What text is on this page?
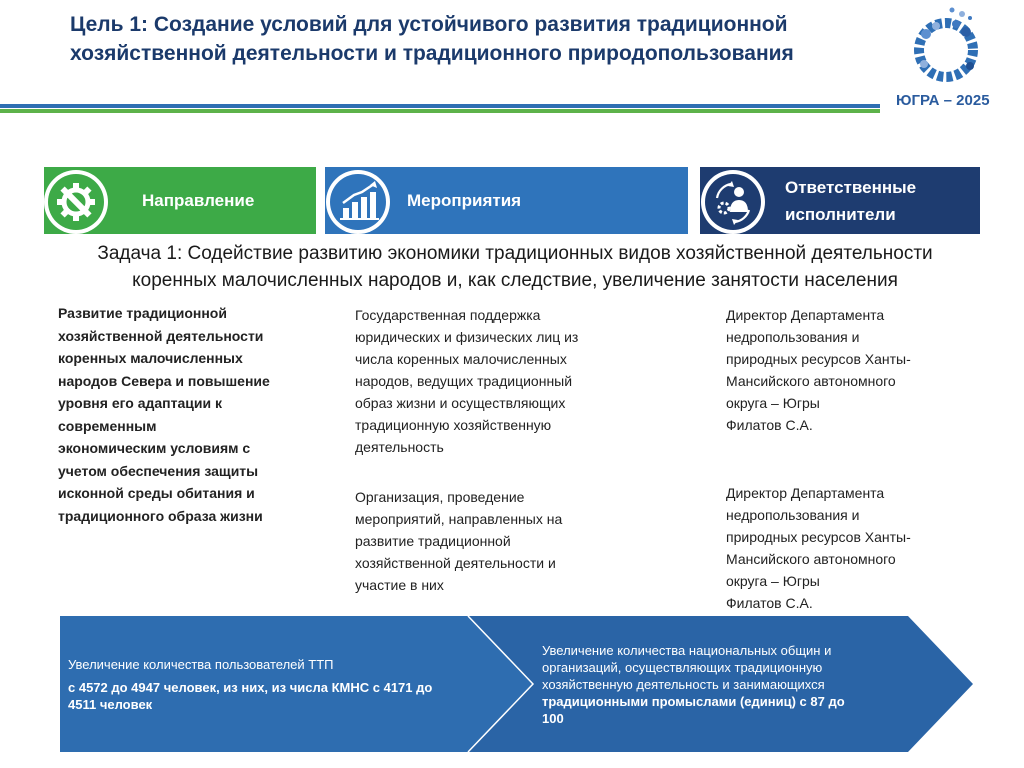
Цель 1: Создание условий для устойчивого развития традиционной
хозяйственной деятельности и традиционного природопользования
ЮГРА – 2025
Направление	Мероприятия
Ответственные
исполнители
Задача 1: Содействие развитию экономики традиционных видов хозяйственной деятельности
коренных малочисленных народов и, как следствие, увеличение занятости населения
Развитие традиционной
хозяйственной деятельности
коренных малочисленных
народов Севера и повышение
уровня его адаптации к
современным
экономическим условиям с
учетом обеспечения защиты
исконной среды обитания и
традиционного образа жизни
Государственная поддержка
юридических и физических лиц из
числа коренных малочисленных
народов, ведущих традиционный
образ жизни и осуществляющих
традиционную хозяйственную
деятельность
Организация, проведение
мероприятий, направленных на
развитие традиционной
хозяйственной деятельности и
участие в них
Директор Департамента
недропользования и
природных ресурсов Ханты-
Мансийского автономного
округа – Югры
Филатов С.А.
Директор Департамента
недропользования и
природных ресурсов Ханты-
Мансийского автономного
округа – Югры
Филатов С.А.
Увеличение количества пользователей ТТП
с 4572 до 4947 человек, из них, из числа КМНС с 4171 до
4511 человек
Увеличение количества национальных общин и
организаций, осуществляющих традиционную
хозяйственную деятельность и занимающихся
традиционными промыслами (единиц) с 87 до
100
